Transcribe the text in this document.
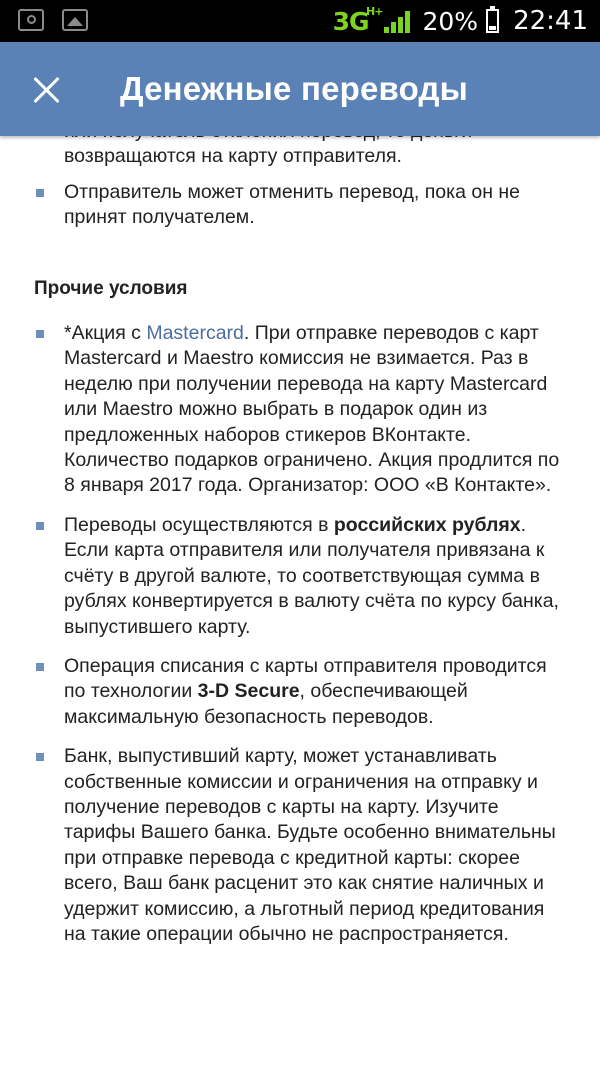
3G
H+ 20% 22:41
Денежные переводы
возвращаются на карту отправителя.
Отправитель может отменить перевод, пока он не принят получателем.
Прочие условия
*Акция с Mastercard. При отправке переводов с карт Mastercard и Maestro комиссия не взимается. Раз в неделю при получении перевода на карту Mastercard или Maestro можно выбрать в подарок один из предложенных наборов стикеров ВКонтакте. Количество подарков ограничено. Акция продлится по 8 января 2017 года. Организатор: ООО «В Контакте».
Переводы осуществляются в российских рублях. Если карта отправителя или получателя привязана к счёту в другой валюте, то соответствующая сумма в рублях конвертируется в валюту счёта по курсу банка, выпустившего карту.
Операция списания с карты отправителя проводится по технологии 3-D Secure, обеспечивающей максимальную безопасность переводов.
Банк, выпустивший карту, может устанавливать собственные комиссии и ограничения на отправку и получение переводов с карты на карту. Изучите тарифы Вашего банка. Будьте особенно внимательны при отправке перевода с кредитной карты: скорее всего, Ваш банк расценит это как снятие наличных и удержит комиссию, а льготный период кредитования на такие операции обычно не распространяется.
